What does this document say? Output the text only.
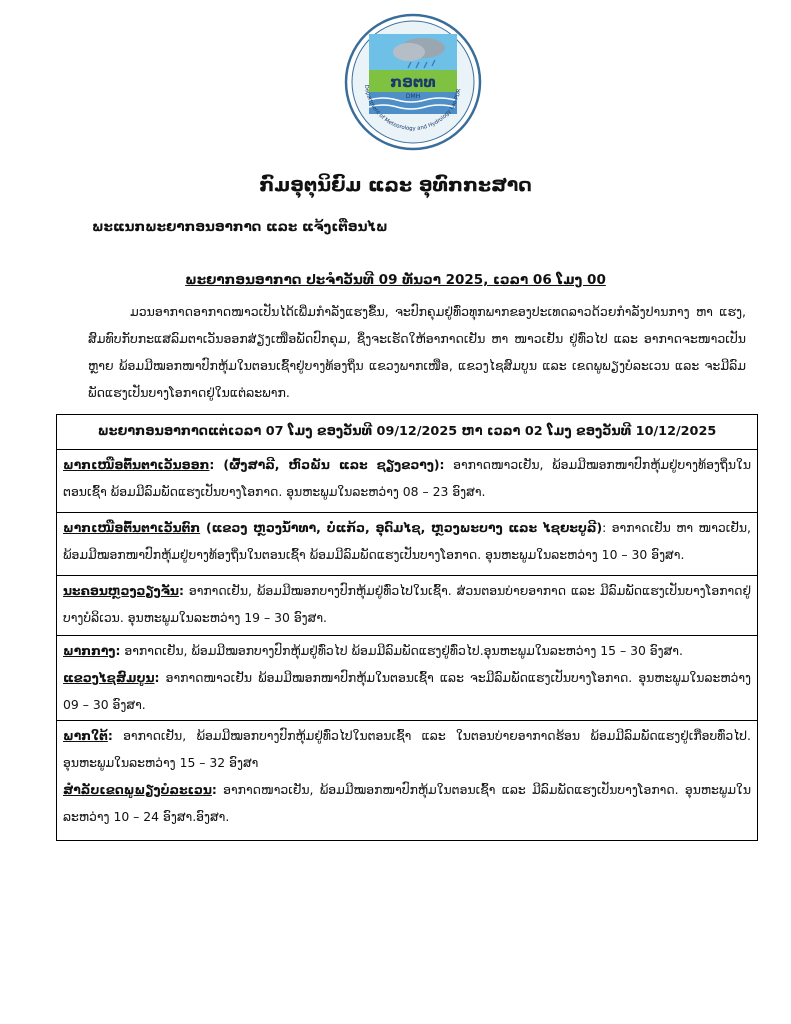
ກອຕທ
DMH
Department of Meteorology and Hydrology Lao PDR
ກົມອຸຕຸນິຍົມ ແລະ ອຸທົກກະສາດ
ພະແນກພະຍາກອນອາກາດ ແລະ ແຈ້ງເຕືອນໄພ
ພະຍາກອນອາກາດ ປະຈໍາວັນທີ 09 ທັນວາ 2025, ເວລາ 06 ໂມງ 00
ມວນອາກາດອາກາດໜາວເປັນໄດ້ເພີ່ມກໍາລັງແຮງຂຶ້ນ, ຈະປົກຄຸມຢູ່ທົ່ວທຸກພາກຂອງປະເທດລາວດ້ວຍກໍາລັງປານກາງ ຫາ ແຮງ, ສົມທົບກັບກະແສລົມຕາເວັນອອກສ່ຽງເໜືອພັດປົກຄຸມ, ຊຶ່ງຈະເຮັດໃຫ້ອາກາດເຢັນ ຫາ ໜາວເຢັນ ຢູ່ທົ່ວໄປ ແລະ ອາກາດຈະໜາວເປັນຫຼາຍ ພ້ອມມີໝອກໜາປົກຫຸ້ມໃນຕອນເຊົ້າຢູ່ບາງທ້ອງຖິ່ນ ແຂວງພາກເໜືອ, ແຂວງໄຊສົມບູນ ແລະ ເຂດພູພຽງບໍລະເວນ ແລະ ຈະມີລົມພັດແຮງເປັນບາງໂອກາດຢູ່ໃນແຕ່ລະພາກ.
ພະຍາກອນອາກາດແຕ່ເວລາ 07 ໂມງ ຂອງວັນທີ 09/12/2025 ຫາ ເວລາ 02 ໂມງ ຂອງວັນທີ 10/12/2025

ພາກເໜືອຕົ້ນຕາເວັນອອກ: (ຜົ້ງສາລີ, ຫົວພັນ ແລະ ຊຽງຂວາງ): ອາກາດໜາວເຢັນ, ພ້ອມມີໝອກໜາປົກຫຸ້ມຢູ່ບາງທ້ອງຖິ່ນໃນຕອນເຊົ້າ ພ້ອມມີລົມພັດແຮງເປັນບາງໂອກາດ. ອຸນຫະພູມໃນລະຫວ່າງ 08 – 23 ອົງສາ.

ພາກເໜືອຕົ້ນຕາເວັນຕົກ (ແຂວງ ຫຼວງນໍ້າທາ, ບໍ່ແກ້ວ, ອຸດົມໄຊ, ຫຼວງພະບາງ ແລະ ໄຊຍະບູລີ): ອາກາດເຢັນ ຫາ ໜາວເຢັນ, ພ້ອມມີໝອກໜາປົກຫຸ້ມຢູ່ບາງທ້ອງຖິ່ນໃນຕອນເຊົ້າ ພ້ອມມີລົມພັດແຮງເປັນບາງໂອກາດ. ອຸນຫະພູມໃນລະຫວ່າງ 10 – 30 ອົງສາ.

ນະຄອນຫຼວງວຽງຈັນ: ອາກາດເຢັນ, ພ້ອມມີໝອກບາງປົກຫຸ້ມຢູ່ທົ່ວໄປໃນເຊົ້າ. ສ່ວນຕອນບ່າຍອາກາດ ແລະ ມີລົມພັດແຮງເປັນບາງໂອກາດຢູ່ບາງບໍລິເວນ. ອຸນຫະພູມໃນລະຫວ່າງ 19 – 30 ອົງສາ.

ພາກກາງ: ອາກາດເຢັນ, ພ້ອມມີໝອກບາງປົກຫຸ້ມຢູ່ທົ່ວໄປ ພ້ອມມີລົມພັດແຮງຢູ່ທົ່ວໄປ.ອຸນຫະພູມໃນລະຫວ່າງ 15 – 30 ອົງສາ.

ແຂວງໄຊສົມບູນ: ອາກາດໜາວເຢັນ ພ້ອມມີໝອກໜາປົກຫຸ້ມໃນຕອນເຊົ້າ ແລະ ຈະມີລົມພັດແຮງເປັນບາງໂອກາດ. ອຸນຫະພູມໃນລະຫວ່າງ 09 – 30 ອົງສາ.

ພາກໃຕ້: ອາກາດເຢັນ, ພ້ອມມີໝອກບາງປົກຫຸ້ມຢູ່ທົ່ວໄປໃນຕອນເຊົ້າ ແລະ ໃນຕອນບ່າຍອາກາດຮ້ອນ ພ້ອມມີລົມພັດແຮງຢູ່ເກືອບທົ່ວໄປ. ອຸນຫະພູມໃນລະຫວ່າງ 15 – 32 ອົງສາ

ສໍາລັບເຂດພູພຽງບໍລະເວນ: ອາກາດໜາວເຢັນ, ພ້ອມມີໝອກໜາປົກຫຸ້ມໃນຕອນເຊົ້າ ແລະ ມີລົມພັດແຮງເປັນບາງໂອກາດ. ອຸນຫະພູມໃນລະຫວ່າງ 10 – 24 ອົງສາ.ອົງສາ.
